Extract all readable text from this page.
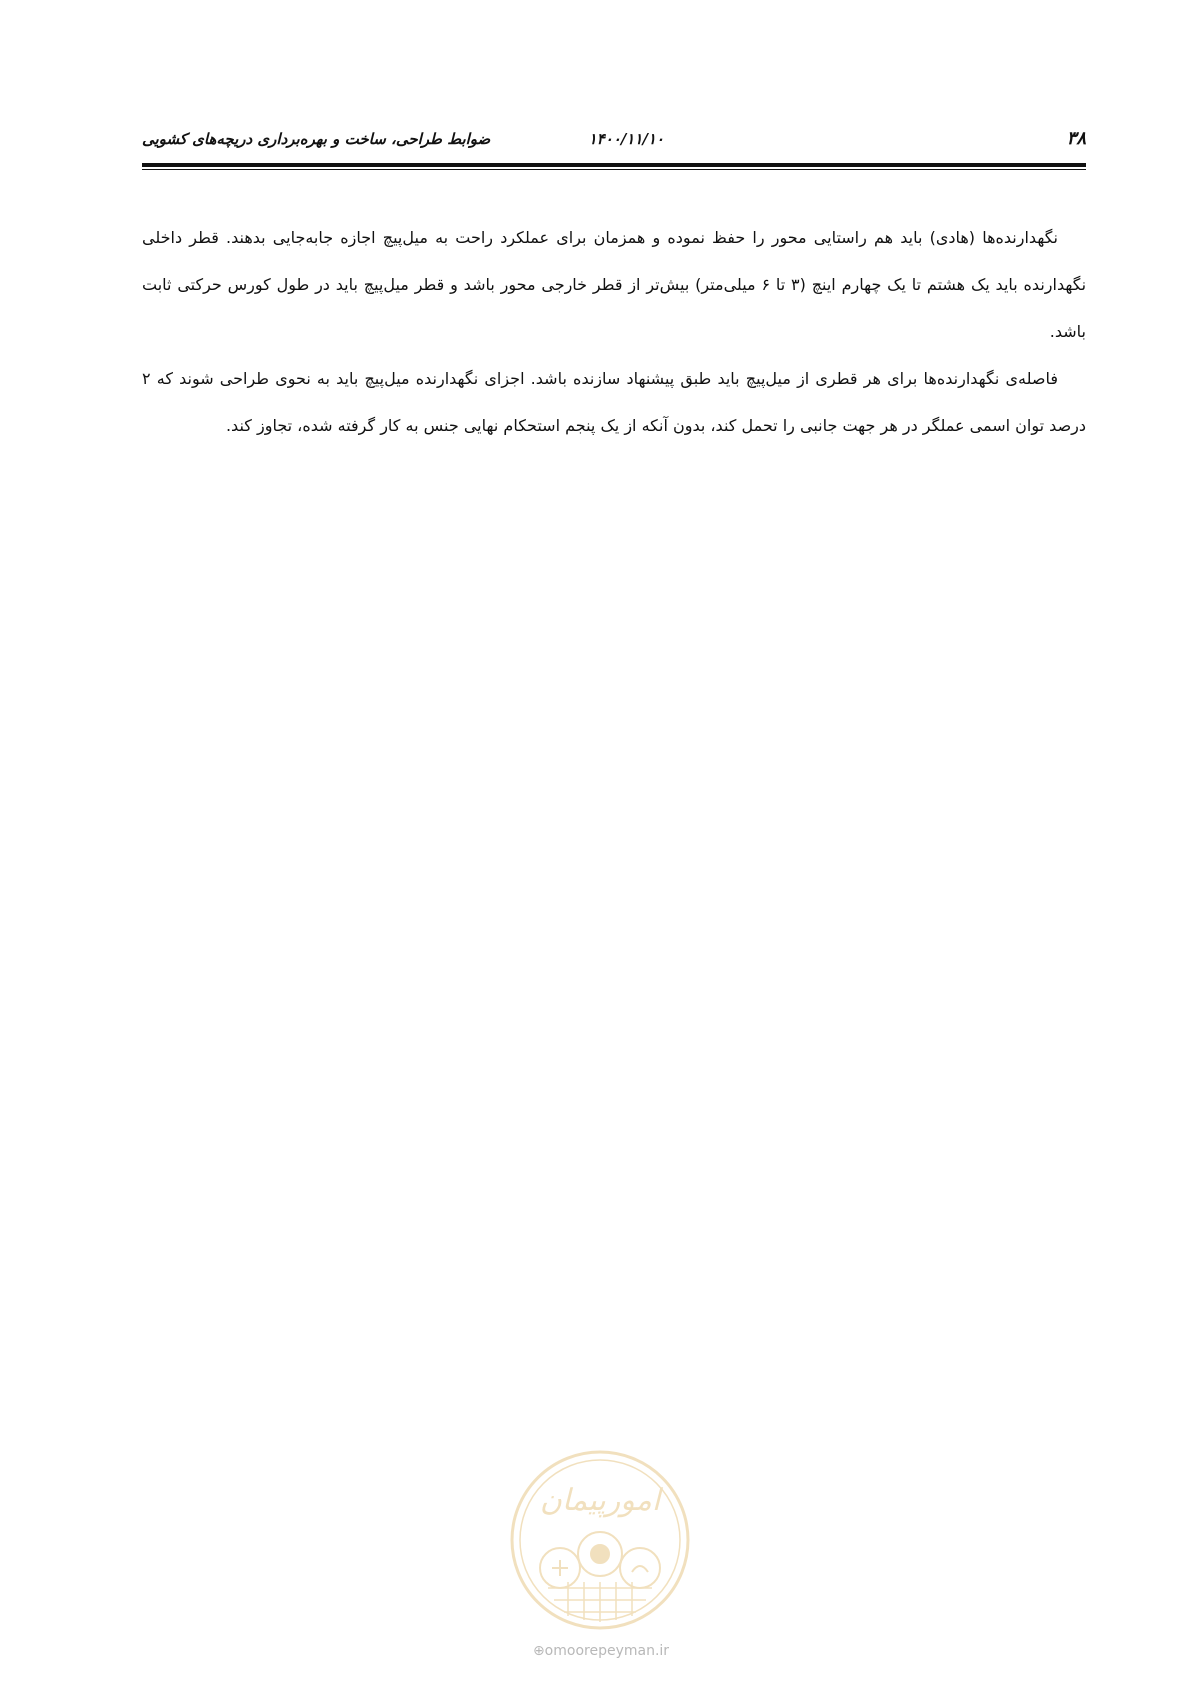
۳۸
۱۴۰۰/۱۱/۱۰
ضوابط طراحی، ساخت و بهره‌برداری دریچه‌های کشویی

نگهدارنده‌ها (هادی) باید هم راستایی محور را حفظ نموده و همزمان برای عملکرد راحت به میل‌پیچ اجازه جابه‌جایی بدهند. قطر داخلی نگهدارنده باید یک هشتم تا یک چهارم اینچ (۳ تا ۶ میلی‌متر) بیش‌تر از قطر خارجی محور باشد و قطر میل‌پیچ باید در طول کورس حرکتی ثابت باشد.

فاصله‌ی نگهدارنده‌ها برای هر قطری از میل‌پیچ باید طبق پیشنهاد سازنده باشد. اجزای نگهدارنده میل‌پیچ باید به نحوی طراحی شوند که ۲ درصد توان اسمی عملگر در هر جهت جانبی را تحمل کند، بدون آنکه از یک پنجم استحکام نهایی جنس به کار گرفته شده، تجاوز کند.

امورپیمان
⊕omoorepeyman.ir
